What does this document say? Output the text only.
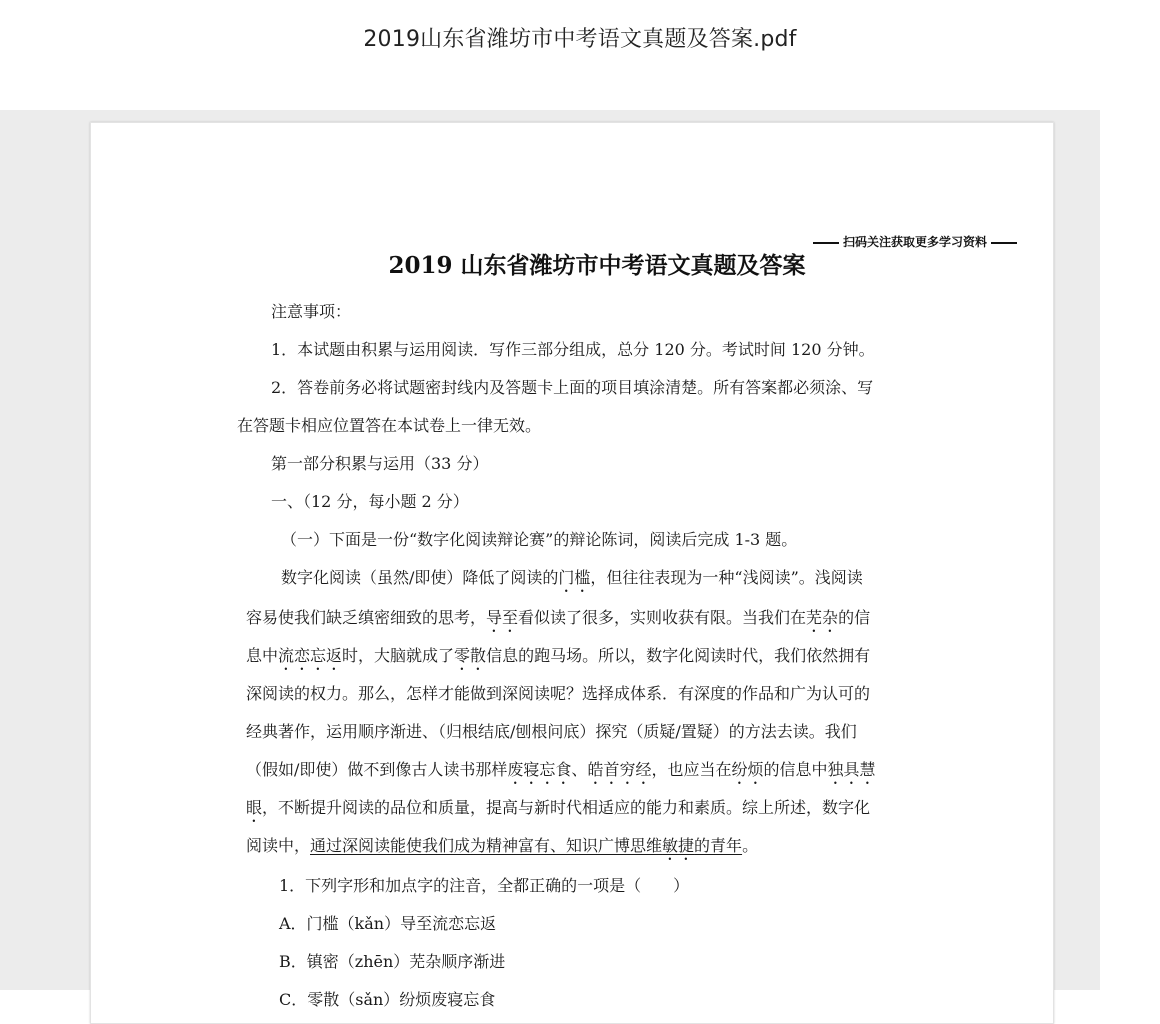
2019山东省潍坊市中考语文真题及答案.pdf
扫码关注获取更多学习资料
2019 山东省潍坊市中考语文真题及答案
注意事项：
1．本试题由积累与运用阅读．写作三部分组成，总分 120 分。考试时间 120 分钟。
2．答卷前务必将试题密封线内及答题卡上面的项目填涂清楚。所有答案都必须涂、写
在答题卡相应位置答在本试卷上一律无效。
第一部分积累与运用（33 分）
一、（12 分，每小题 2 分）
（一）下面是一份“数字化阅读辩论赛”的辩论陈词，阅读后完成 1-3 题。
数字化阅读（虽然/即使）降低了阅读的门槛，但往往表现为一种“浅阅读”。浅阅读
容易使我们缺乏缜密细致的思考，导至看似读了很多，实则收获有限。当我们在芜杂的信
息中流恋忘返时，大脑就成了零散信息的跑马场。所以，数字化阅读时代，我们依然拥有
深阅读的权力。那么，怎样才能做到深阅读呢？选择成体系．有深度的作品和广为认可的
经典著作，运用顺序渐进、（归根结底/刨根问底）探究（质疑/置疑）的方法去读。我们
（假如/即使）做不到像古人读书那样废寝忘食、皓首穷经，也应当在纷烦的信息中独具慧
眼，不断提升阅读的品位和质量，提高与新时代相适应的能力和素质。综上所述，数字化
阅读中，通过深阅读能使我们成为精神富有、知识广博思维敏捷的青年。
1．下列字形和加点字的注音，全都正确的一项是（　　）
A．门槛（kǎn）导至流恋忘返
B．镇密（zhēn）芜杂顺序渐进
C．零散（sǎn）纷烦废寝忘食
